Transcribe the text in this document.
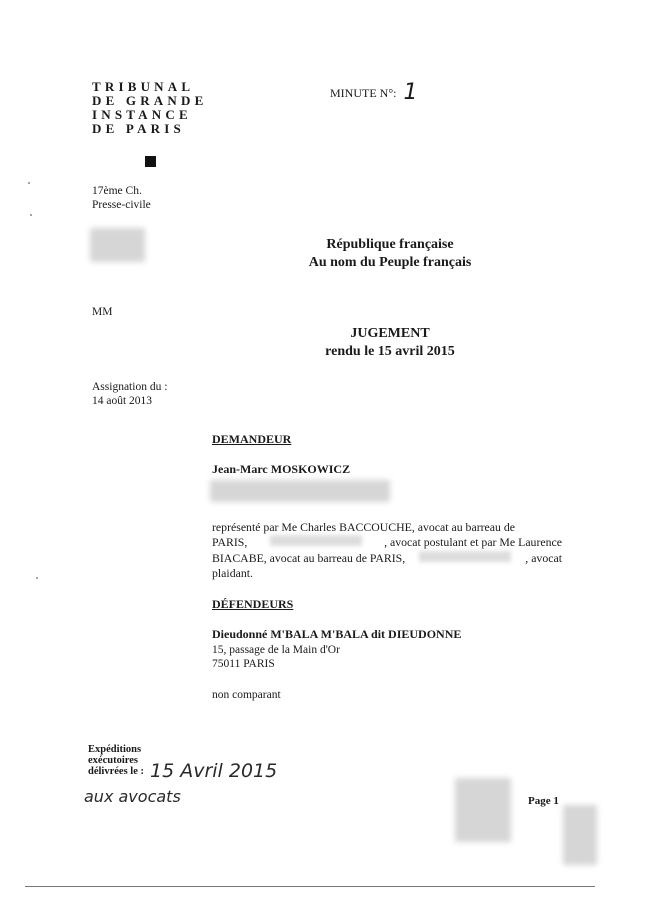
TRIBUNAL
DE GRANDE
INSTANCE
DE PARIS
MINUTE N°: 1
17ème Ch.
Presse-civile
République française
Au nom du Peuple français
MM
JUGEMENT
rendu le 15 avril 2015
Assignation du :
14 août 2013
DEMANDEUR
Jean-Marc MOSKOWICZ
représenté par Me Charles BACCOUCHE, avocat au barreau de
PARIS,	, avocat postulant et par Me Laurence
BIACABE, avocat au barreau de PARIS,	, avocat
plaidant.
DÉFENDEURS
Dieudonné M'BALA M'BALA dit DIEUDONNE
15, passage de la Main d'Or
75011 PARIS
non comparant
Expéditions
exécutoires
délivrées le : 15 Avril 2015
aux avocats	Page 1
